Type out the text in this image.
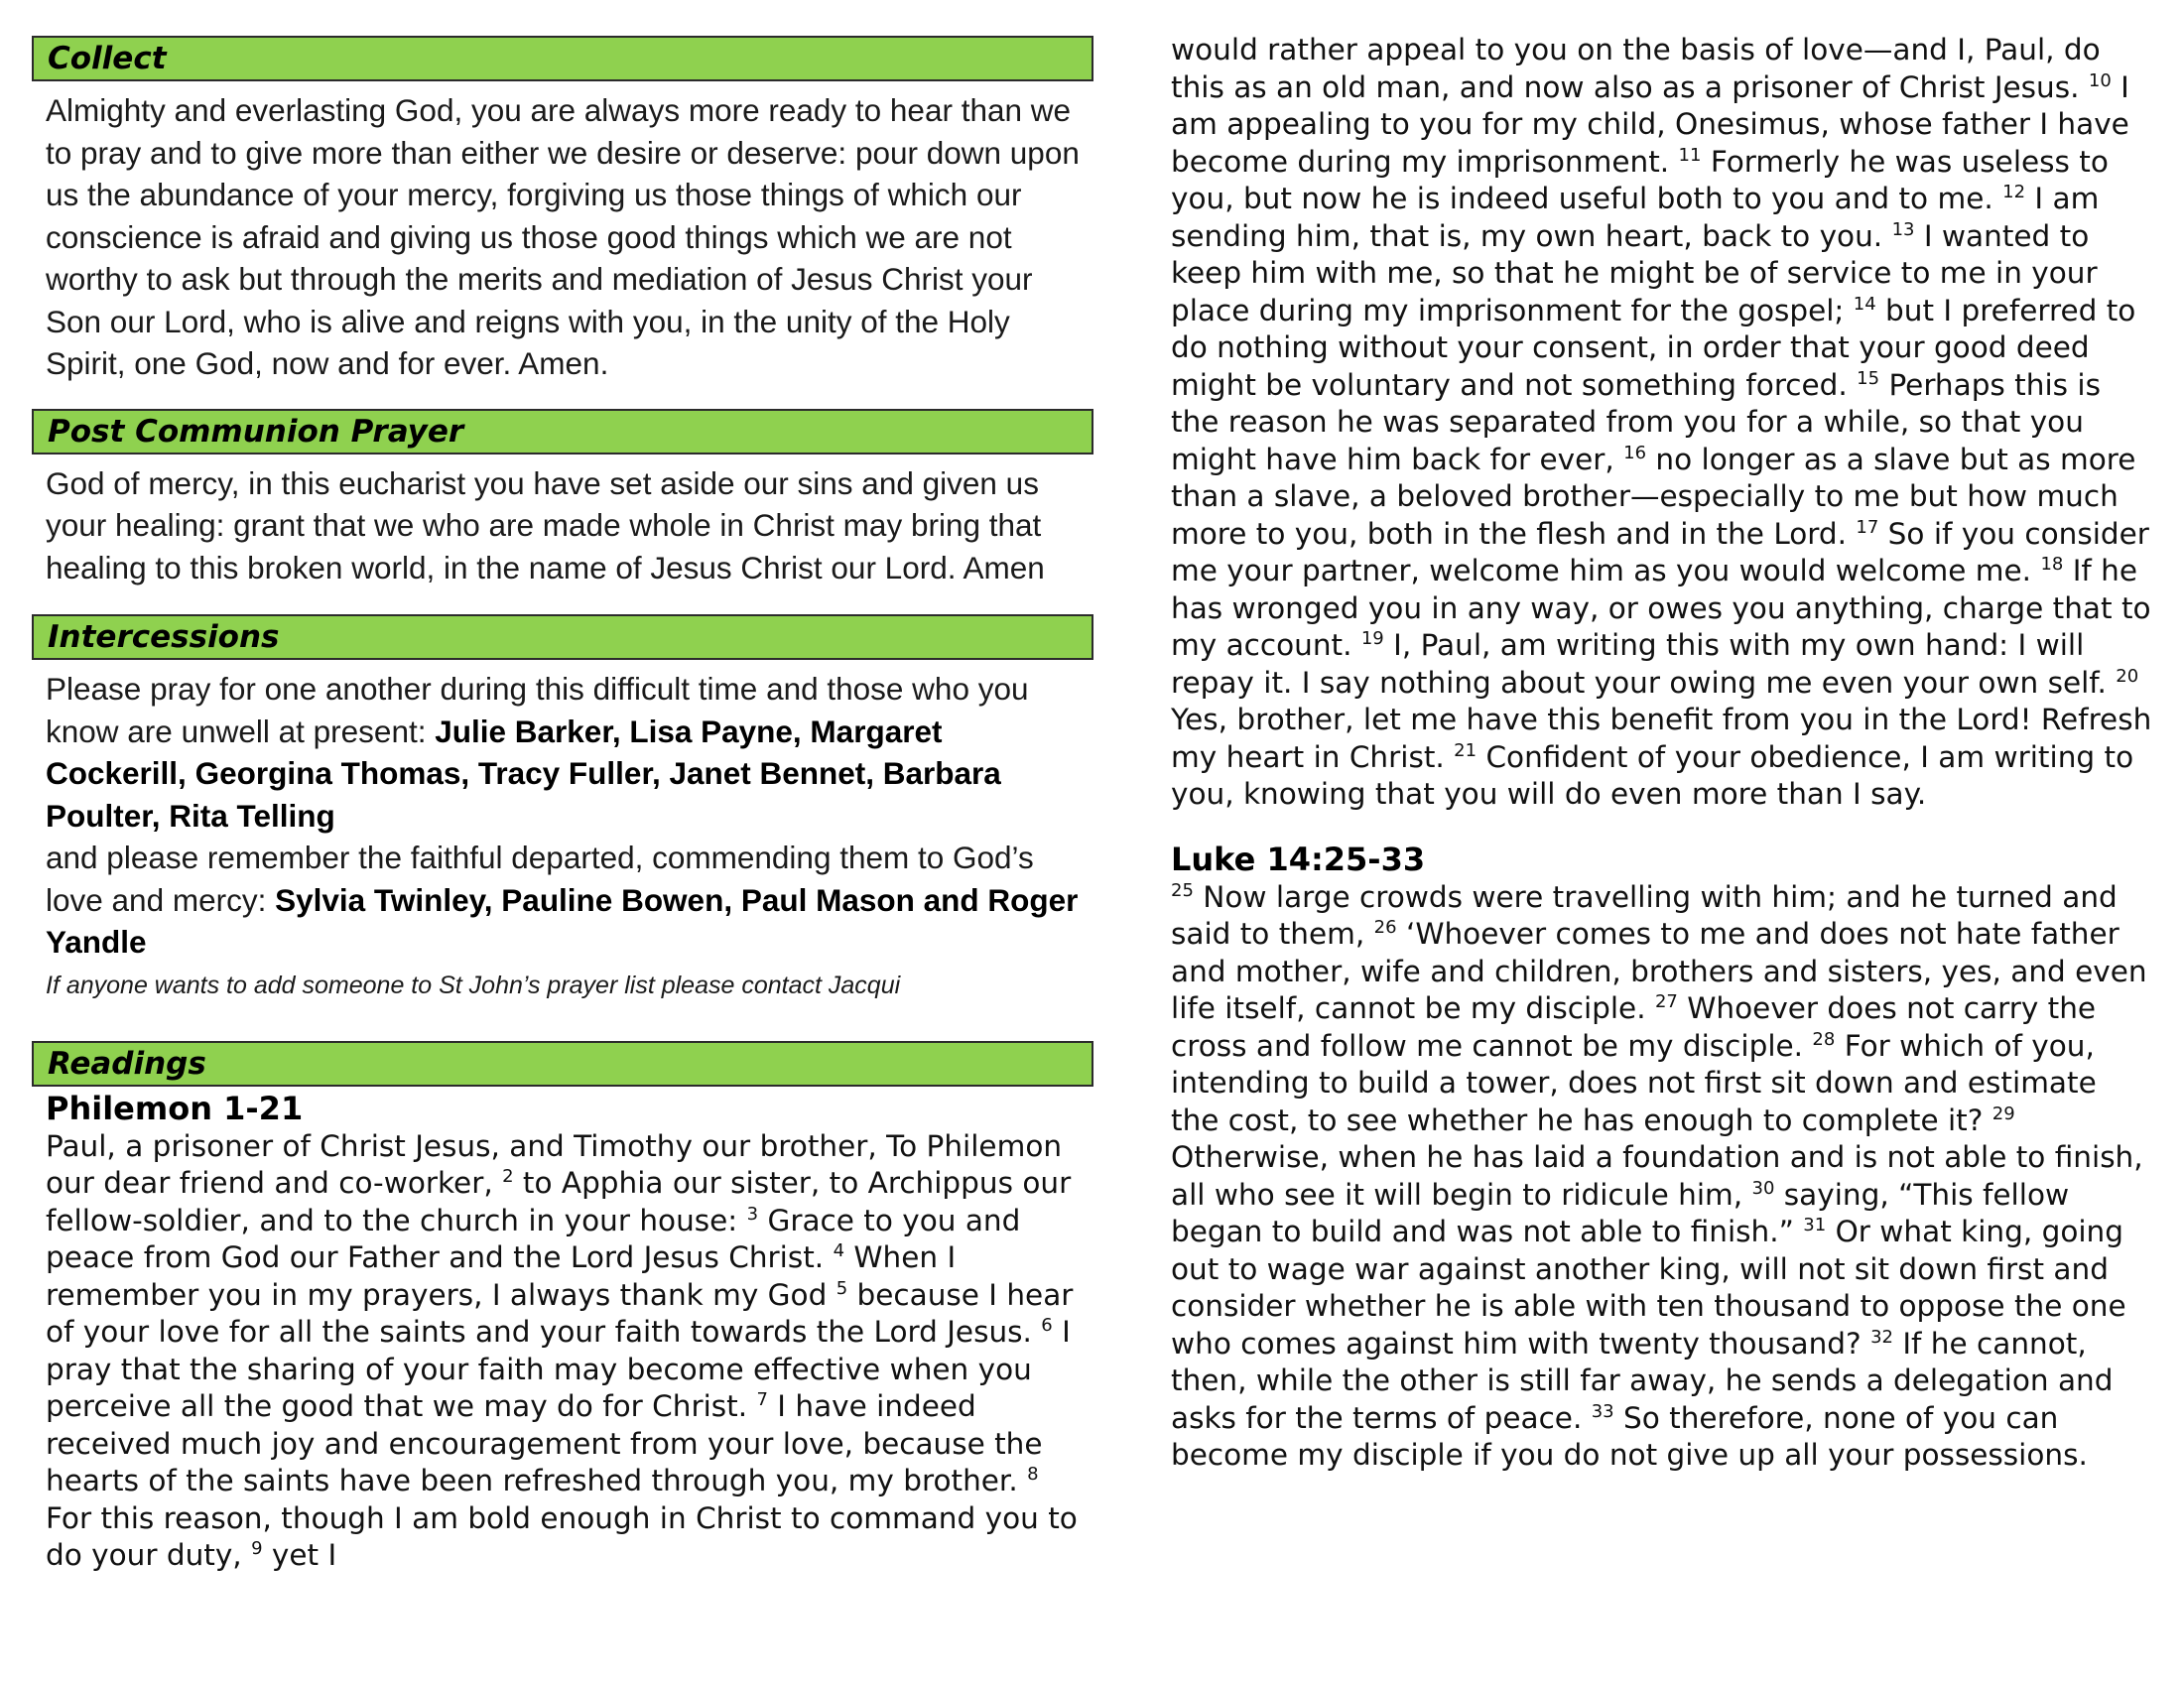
Collect
Almighty and everlasting God, you are always more ready to hear than we to pray and to give more than either we desire or deserve: pour down upon us the abundance of your mercy, forgiving us those things of which our conscience is afraid and giving us those good things which we are not worthy to ask but through the merits and mediation of Jesus Christ your Son our Lord, who is alive and reigns with you, in the unity of the Holy Spirit, one God, now and for ever. Amen.
Post Communion Prayer
God of mercy, in this eucharist you have set aside our sins and given us your healing: grant that we who are made whole in Christ may bring that healing to this broken world, in the name of Jesus Christ our Lord. Amen
Intercessions
Please pray for one another during this difficult time and those who you know are unwell at present: Julie Barker, Lisa Payne, Margaret Cockerill, Georgina Thomas, Tracy Fuller, Janet Bennet, Barbara Poulter, Rita Telling
and please remember the faithful departed, commending them to God’s love and mercy: Sylvia Twinley, Pauline Bowen, Paul Mason and Roger Yandle
If anyone wants to add someone to St John’s prayer list please contact Jacqui
Readings
Philemon 1-21
Paul, a prisoner of Christ Jesus, and Timothy our brother, To Philemon our dear friend and co-worker, $^2$ to Apphia our sister, to Archippus our fellow-soldier, and to the church in your house: $^3$ Grace to you and peace from God our Father and the Lord Jesus Christ. $^4$ When I remember you in my prayers, I always thank my God $^5$ because I hear of your love for all the saints and your faith towards the Lord Jesus. $^6$ I pray that the sharing of your faith may become effective when you perceive all the good that we may do for Christ. $^7$ I have indeed received much joy and encouragement from your love, because the hearts of the saints have been refreshed through you, my brother. $^8$ For this reason, though I am bold enough in Christ to command you to do your duty, $^9$ yet I
would rather appeal to you on the basis of love—and I, Paul, do this as an old man, and now also as a prisoner of Christ Jesus. $^{10}$ I am appealing to you for my child, Onesimus, whose father I have become during my imprisonment. $^{11}$ Formerly he was useless to you, but now he is indeed useful both to you and to me. $^{12}$ I am sending him, that is, my own heart, back to you. $^{13}$ I wanted to keep him with me, so that he might be of service to me in your place during my imprisonment for the gospel; $^{14}$ but I preferred to do nothing without your consent, in order that your good deed might be voluntary and not something forced. $^{15}$ Perhaps this is the reason he was separated from you for a while, so that you might have him back for ever, $^{16}$ no longer as a slave but as more than a slave, a beloved brother—especially to me but how much more to you, both in the flesh and in the Lord. $^{17}$ So if you consider me your partner, welcome him as you would welcome me. $^{18}$ If he has wronged you in any way, or owes you anything, charge that to my account. $^{19}$ I, Paul, am writing this with my own hand: I will repay it. I say nothing about your owing me even your own self. $^{20}$ Yes, brother, let me have this benefit from you in the Lord! Refresh my heart in Christ. $^{21}$ Confident of your obedience, I am writing to you, knowing that you will do even more than I say.
Luke 14:25-33
$^{25}$ Now large crowds were travelling with him; and he turned and said to them, $^{26}$ ‘Whoever comes to me and does not hate father and mother, wife and children, brothers and sisters, yes, and even life itself, cannot be my disciple. $^{27}$ Whoever does not carry the cross and follow me cannot be my disciple. $^{28}$ For which of you, intending to build a tower, does not first sit down and estimate the cost, to see whether he has enough to complete it? $^{29}$ Otherwise, when he has laid a foundation and is not able to finish, all who see it will begin to ridicule him, $^{30}$ saying, “This fellow began to build and was not able to finish.” $^{31}$ Or what king, going out to wage war against another king, will not sit down first and consider whether he is able with ten thousand to oppose the one who comes against him with twenty thousand? $^{32}$ If he cannot, then, while the other is still far away, he sends a delegation and asks for the terms of peace. $^{33}$ So therefore, none of you can become my disciple if you do not give up all your possessions.
